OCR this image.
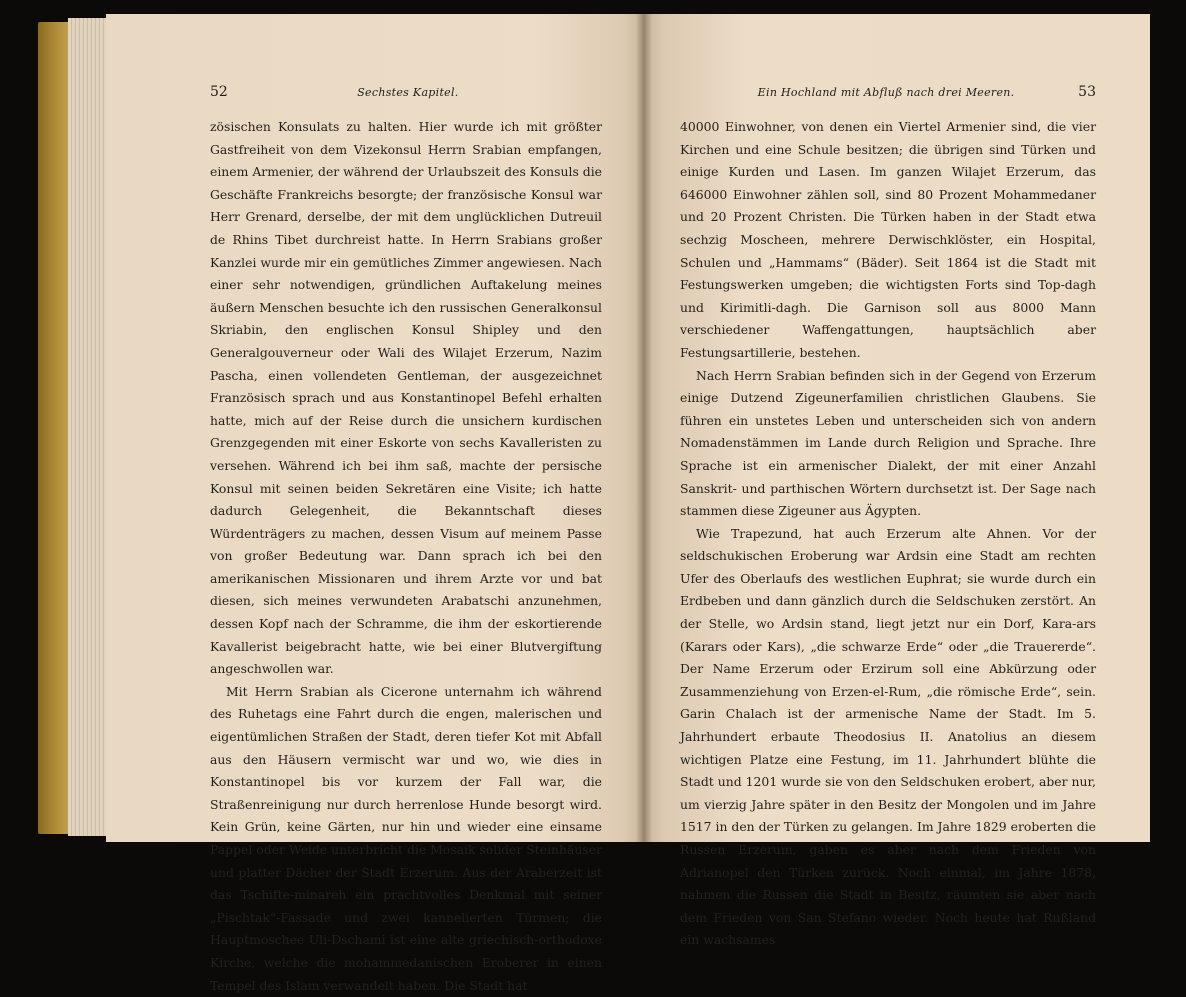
52	Sechstes Kapitel.

zösischen Konsulats zu halten. Hier wurde ich mit größter Gastfreiheit von dem Vizekonsul Herrn Srabian empfangen, einem Armenier, der während der Urlaubszeit des Konsuls die Geschäfte Frankreichs besorgte; der französische Konsul war Herr Grenard, derselbe, der mit dem unglücklichen Dutreuil de Rhins Tibet durchreist hatte. In Herrn Srabians großer Kanzlei wurde mir ein gemütliches Zimmer angewiesen. Nach einer sehr notwendigen, gründlichen Auftakelung meines äußern Menschen besuchte ich den russischen Generalkonsul Skriabin, den englischen Konsul Shipley und den Generalgouverneur oder Wali des Wilajet Erzerum, Nazim Pascha, einen vollendeten Gentleman, der ausgezeichnet Französisch sprach und aus Konstantinopel Befehl erhalten hatte, mich auf der Reise durch die unsichern kurdischen Grenzgegenden mit einer Eskorte von sechs Kavalleristen zu versehen. Während ich bei ihm saß, machte der persische Konsul mit seinen beiden Sekretären eine Visite; ich hatte dadurch Gelegenheit, die Bekanntschaft dieses Würdenträgers zu machen, dessen Visum auf meinem Passe von großer Bedeutung war. Dann sprach ich bei den amerikanischen Missionaren und ihrem Arzte vor und bat diesen, sich meines verwundeten Arabatschi anzunehmen, dessen Kopf nach der Schramme, die ihm der eskortierende Kavallerist beigebracht hatte, wie bei einer Blutvergiftung angeschwollen war.

Mit Herrn Srabian als Cicerone unternahm ich während des Ruhetags eine Fahrt durch die engen, malerischen und eigentümlichen Straßen der Stadt, deren tiefer Kot mit Abfall aus den Häusern vermischt war und wo, wie dies in Konstantinopel bis vor kurzem der Fall war, die Straßenreinigung nur durch herrenlose Hunde besorgt wird. Kein Grün, keine Gärten, nur hin und wieder eine einsame Pappel oder Weide unterbricht die Mosaik solider Steinhäuser und platter Dächer der Stadt Erzerum. Aus der Araberzeit ist das Tschifte-minareh ein prachtvolles Denkmal mit seiner „Pischtak“-Fassade und zwei kannelierten Türmen; die Hauptmoschee Uli-Dschami ist eine alte griechisch-orthodoxe Kirche, welche die mohammedanischen Eroberer in einen Tempel des Islam verwandelt haben. Die Stadt hat

Ein Hochland mit Abfluß nach drei Meeren.	53

40000 Einwohner, von denen ein Viertel Armenier sind, die vier Kirchen und eine Schule besitzen; die übrigen sind Türken und einige Kurden und Lasen. Im ganzen Wilajet Erzerum, das 646000 Einwohner zählen soll, sind 80 Prozent Mohammedaner und 20 Prozent Christen. Die Türken haben in der Stadt etwa sechzig Moscheen, mehrere Derwischklöster, ein Hospital, Schulen und „Hammams“ (Bäder). Seit 1864 ist die Stadt mit Festungswerken umgeben; die wichtigsten Forts sind Top-dagh und Kirimitli-dagh. Die Garnison soll aus 8000 Mann verschiedener Waffengattungen, hauptsächlich aber Festungsartillerie, bestehen.

Nach Herrn Srabian befinden sich in der Gegend von Erzerum einige Dutzend Zigeunerfamilien christlichen Glaubens. Sie führen ein unstetes Leben und unterscheiden sich von andern Nomadenstämmen im Lande durch Religion und Sprache. Ihre Sprache ist ein armenischer Dialekt, der mit einer Anzahl Sanskrit- und parthischen Wörtern durchsetzt ist. Der Sage nach stammen diese Zigeuner aus Ägypten.

Wie Trapezund, hat auch Erzerum alte Ahnen. Vor der seldschukischen Eroberung war Ardsin eine Stadt am rechten Ufer des Oberlaufs des westlichen Euphrat; sie wurde durch ein Erdbeben und dann gänzlich durch die Seldschuken zerstört. An der Stelle, wo Ardsin stand, liegt jetzt nur ein Dorf, Kara-ars (Karars oder Kars), „die schwarze Erde“ oder „die Trauererde“. Der Name Erzerum oder Erzirum soll eine Abkürzung oder Zusammenziehung von Erzen-el-Rum, „die römische Erde“, sein. Garin Chalach ist der armenische Name der Stadt. Im 5. Jahrhundert erbaute Theodosius II. Anatolius an diesem wichtigen Platze eine Festung, im 11. Jahrhundert blühte die Stadt und 1201 wurde sie von den Seldschuken erobert, aber nur, um vierzig Jahre später in den Besitz der Mongolen und im Jahre 1517 in den der Türken zu gelangen. Im Jahre 1829 eroberten die Russen Erzerum, gaben es aber nach dem Frieden von Adrianopel den Türken zurück. Noch einmal, im Jahre 1878, nahmen die Russen die Stadt in Besitz, räumten sie aber nach dem Frieden von San Stefano wieder. Noch heute hat Rußland ein wachsames
